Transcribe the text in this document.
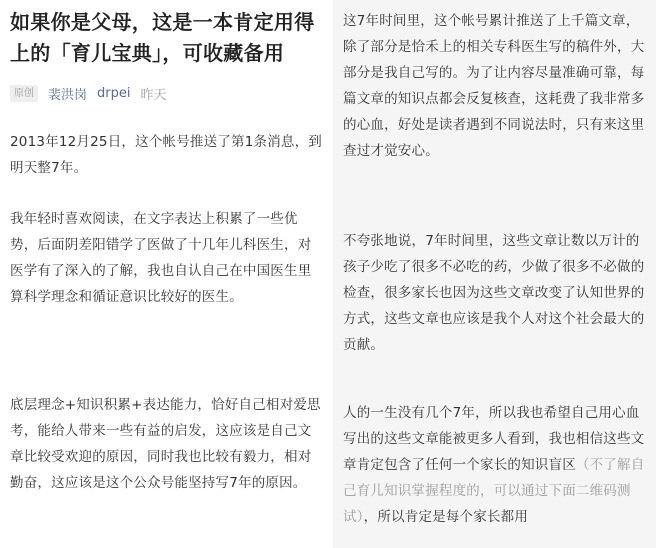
如果你是父母，这是一本肯定用得上的「育儿宝典」，可收藏备用
原创	裴洪岗 drpei 昨天

2013年12月25日，这个帐号推送了第1条消息，到明天整7年。

我年轻时喜欢阅读，在文字表达上积累了一些优势，后面阴差阳错学了医做了十几年儿科医生，对医学有了深入的了解，我也自认自己在中国医生里算科学理念和循证意识比较好的医生。

底层理念+知识积累+表达能力，恰好自己相对爱思考，能给人带来一些有益的启发，这应该是自己文章比较受欢迎的原因，同时我也比较有毅力，相对勤奋，这应该是这个公众号能坚持写7年的原因。

这7年时间里，这个帐号累计推送了上千篇文章，除了部分是恰禾上的相关专科医生写的稿件外，大部分是我自己写的。为了让内容尽量准确可靠，每篇文章的知识点都会反复核查，这耗费了我非常多的心血，好处是读者遇到不同说法时，只有来这里查过才觉安心。

不夸张地说，7年时间里，这些文章让数以万计的孩子少吃了很多不必吃的药，少做了很多不必做的检查，很多家长也因为这些文章改变了认知世界的方式，这些文章也应该是我个人对这个社会最大的贡献。

人的一生没有几个7年，所以我也希望自己用心血写出的这些文章能被更多人看到，我也相信这些文章肯定包含了任何一个家长的知识盲区（不了解自己育儿知识掌握程度的，可以通过下面二维码测试），所以肯定是每个家长都用
